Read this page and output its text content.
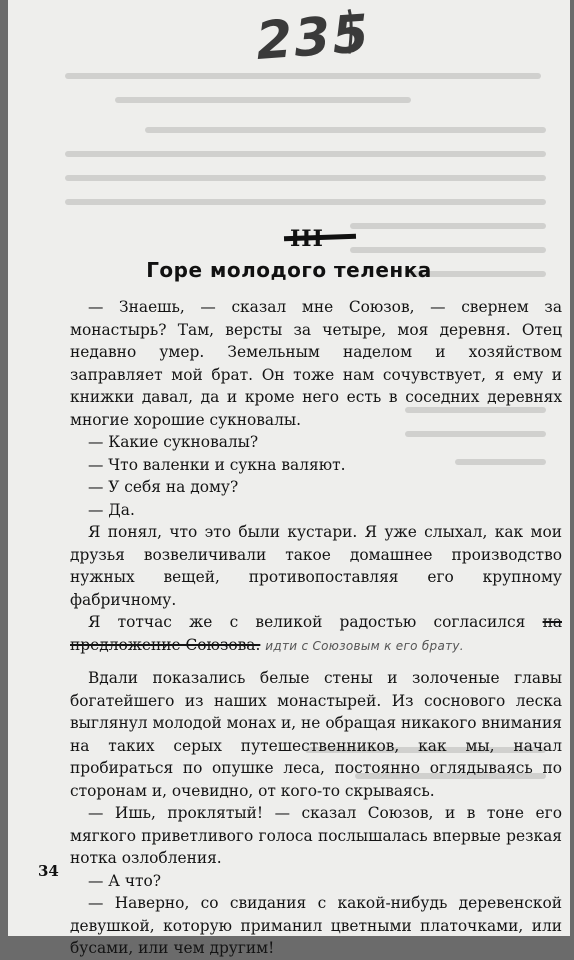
235
Горе молодого теленка

— Знаешь, — сказал мне Союзов, — свернем за монастырь? Там, версты за четыре, моя деревня. Отец недавно умер. Земельным наделом и хозяйством заправляет мой брат. Он тоже нам сочувствует, я ему и книжки давал, да и кроме него есть в соседних деревнях многие хорошие сукновалы.

— Какие сукновалы?

— Что валенки и сукна валяют.

— У себя на дому?

— Да.

Я понял, что это были кустари. Я уже слыхал, как мои друзья возвеличивали такое домашнее производство нужных вещей, противопоставляя его крупному фабричному.

Я тотчас же с великой радостью согласился на предложение Союзова. идти с Союзовым к его брату.

Вдали показались белые стены и золоченые главы богатейшего из наших монастырей. Из соснового леска выглянул молодой монах и, не обращая никакого внимания на таких серых путешественников, как мы, начал пробираться по опушке леса, постоянно оглядываясь по сторонам и, очевидно, от кого-то скрываясь.

— Ишь, проклятый! — сказал Союзов, и в тоне его мягкого приветливого голоса послышалась впервые резкая нотка озлобления.

— А что?

— Наверно, со свидания с какой-нибудь деревенской девушкой, которую приманил цветными платочками, или бусами, или чем другим!

34
